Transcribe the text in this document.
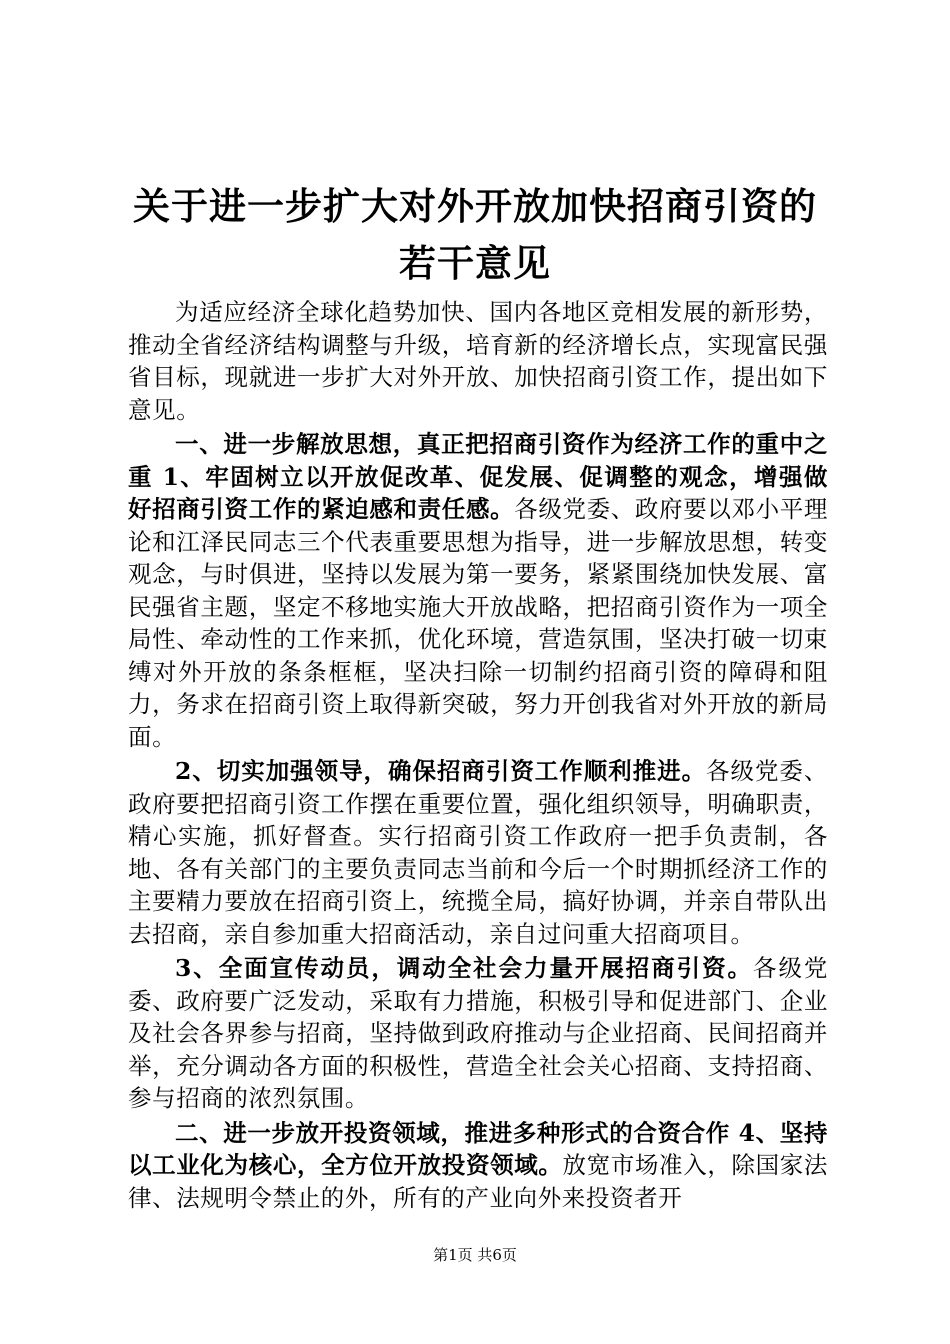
关于进一步扩大对外开放加快招商引资的若干意见

为适应经济全球化趋势加快、国内各地区竞相发展的新形势，推动全省经济结构调整与升级，培育新的经济增长点，实现富民强省目标，现就进一步扩大对外开放、加快招商引资工作，提出如下意见。

一、进一步解放思想，真正把招商引资作为经济工作的重中之重 1、牢固树立以开放促改革、促发展、促调整的观念，增强做好招商引资工作的紧迫感和责任感。各级党委、政府要以邓小平理论和江泽民同志三个代表重要思想为指导，进一步解放思想，转变观念，与时俱进，坚持以发展为第一要务，紧紧围绕加快发展、富民强省主题，坚定不移地实施大开放战略，把招商引资作为一项全局性、牵动性的工作来抓，优化环境，营造氛围，坚决打破一切束缚对外开放的条条框框，坚决扫除一切制约招商引资的障碍和阻力，务求在招商引资上取得新突破，努力开创我省对外开放的新局面。

2、切实加强领导，确保招商引资工作顺利推进。各级党委、政府要把招商引资工作摆在重要位置，强化组织领导，明确职责，精心实施，抓好督查。实行招商引资工作政府一把手负责制，各地、各有关部门的主要负责同志当前和今后一个时期抓经济工作的主要精力要放在招商引资上，统揽全局，搞好协调，并亲自带队出去招商，亲自参加重大招商活动，亲自过问重大招商项目。

3、全面宣传动员，调动全社会力量开展招商引资。各级党委、政府要广泛发动，采取有力措施，积极引导和促进部门、企业及社会各界参与招商，坚持做到政府推动与企业招商、民间招商并举，充分调动各方面的积极性，营造全社会关心招商、支持招商、参与招商的浓烈氛围。

二、进一步放开投资领域，推进多种形式的合资合作 4、坚持以工业化为核心，全方位开放投资领域。放宽市场准入，除国家法律、法规明令禁止的外，所有的产业向外来投资者开

第1页 共6页
